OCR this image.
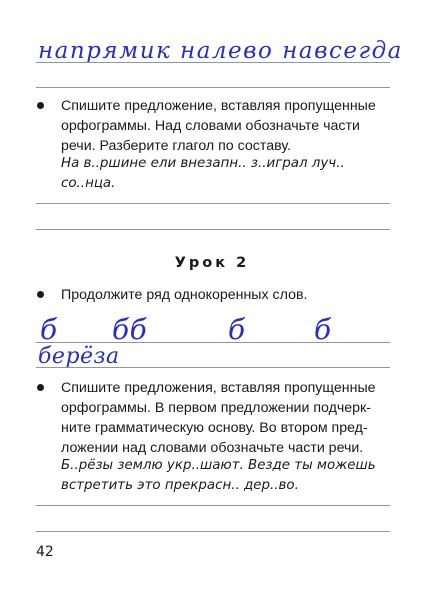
напрямик налево навсегда
Спишите предложение, вставляя пропущенные
орфограммы. Над словами обозначьте части
речи. Разберите глагол по составу.
На в..ршине ели внезапн.. з..играл луч..
со..нца.
Урок 2
Продолжите ряд однокоренных слов.
б бб	б б
берёза
Спишите предложения, вставляя пропущенные
орфограммы. В первом предложении подчерк-
ните грамматическую основу. Во втором пред-
ложении над словами обозначьте части речи.
Б..рёзы землю укр..шают. Везде ты можешь
встретить это прекрасн.. дер..во.
42
